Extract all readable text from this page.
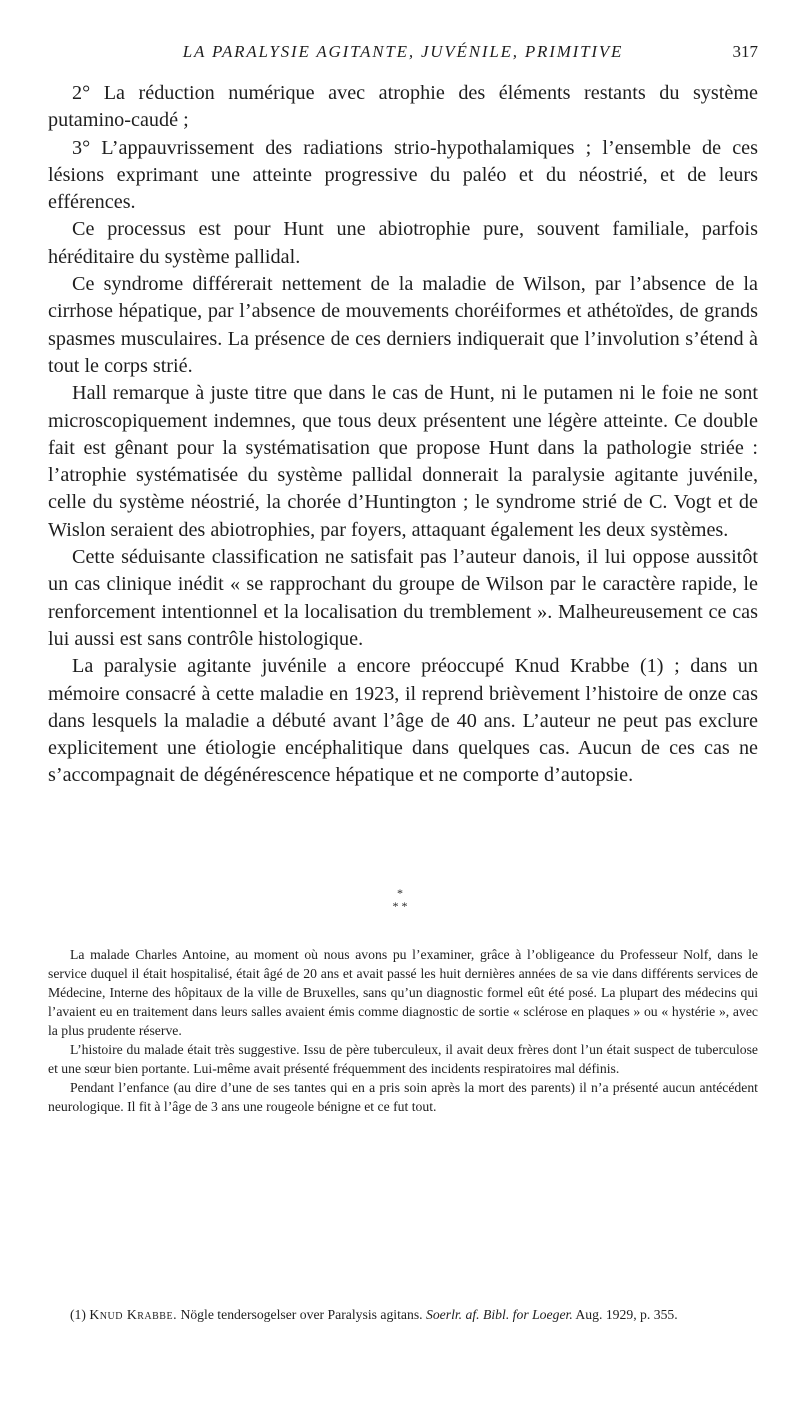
LA PARALYSIE AGITANTE, JUVÉNILE, PRIMITIVE	317

2° La réduction numérique avec atrophie des éléments restants du système putamino-caudé ;

3° L’appauvrissement des radiations strio-hypothalamiques ; l’ensemble de ces lésions exprimant une atteinte progressive du paléo et du néostrié, et de leurs efférences.

Ce processus est pour Hunt une abiotrophie pure, souvent familiale, parfois héréditaire du système pallidal.

Ce syndrome différerait nettement de la maladie de Wilson, par l’absence de la cirrhose hépatique, par l’absence de mouvements choréiformes et athétoïdes, de grands spasmes musculaires. La présence de ces derniers indiquerait que l’involution s’étend à tout le corps strié.

Hall remarque à juste titre que dans le cas de Hunt, ni le putamen ni le foie ne sont microscopiquement indemnes, que tous deux présentent une légère atteinte. Ce double fait est gênant pour la systématisation que propose Hunt dans la pathologie striée : l’atrophie systématisée du système pallidal donnerait la paralysie agitante juvénile, celle du système néostrié, la chorée d’Huntington ; le syndrome strié de C. Vogt et de Wislon seraient des abiotrophies, par foyers, attaquant également les deux systèmes.

Cette séduisante classification ne satisfait pas l’auteur danois, il lui oppose aussitôt un cas clinique inédit « se rapprochant du groupe de Wilson par le caractère rapide, le renforcement intentionnel et la localisation du tremblement ». Malheureusement ce cas lui aussi est sans contrôle histologique.

La paralysie agitante juvénile a encore préoccupé Knud Krabbe (1) ; dans un mémoire consacré à cette maladie en 1923, il reprend brièvement l’histoire de onze cas dans lesquels la maladie a débuté avant l’âge de 40 ans. L’auteur ne peut pas exclure explicitement une étiologie encéphalitique dans quelques cas. Aucun de ces cas ne s’accompagnait de dégénérescence hépatique et ne comporte d’autopsie.

*
* *

La malade Charles Antoine, au moment où nous avons pu l’examiner, grâce à l’obligeance du Professeur Nolf, dans le service duquel il était hospitalisé, était âgé de 20 ans et avait passé les huit dernières années de sa vie dans différents services de Médecine, Interne des hôpitaux de la ville de Bruxelles, sans qu’un diagnostic formel eût été posé. La plupart des médecins qui l’avaient eu en traitement dans leurs salles avaient émis comme diagnostic de sortie « sclérose en plaques » ou « hystérie », avec la plus prudente réserve.

L’histoire du malade était très suggestive. Issu de père tuberculeux, il avait deux frères dont l’un était suspect de tuberculose et une sœur bien portante. Lui-même avait présenté fréquemment des incidents respiratoires mal définis.

Pendant l’enfance (au dire d’une de ses tantes qui en a pris soin après la mort des parents) il n’a présenté aucun antécédent neurologique. Il fit à l’âge de 3 ans une rougeole bénigne et ce fut tout.

(1) Knud Krabbe. Nögle tendersogelser over Paralysis agitans. Soerlr. af. Bibl. for Loeger. Aug. 1929, p. 355.
